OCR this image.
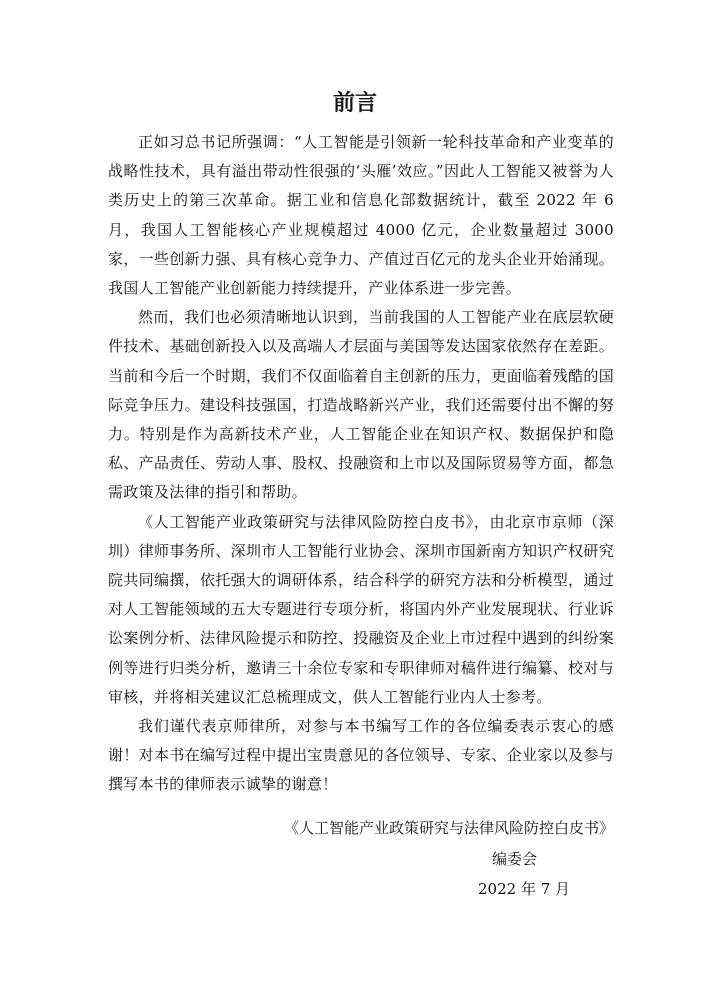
前言

正如习总书记所强调：“人工智能是引领新一轮科技革命和产业变革的战略性技术，具有溢出带动性很强的‘头雁’效应。”因此人工智能又被誉为人类历史上的第三次革命。据工业和信息化部数据统计，截至 2022 年 6 月，我国人工智能核心产业规模超过 4000 亿元，企业数量超过 3000 家，一些创新力强、具有核心竞争力、产值过百亿元的龙头企业开始涌现。我国人工智能产业创新能力持续提升，产业体系进一步完善。

然而，我们也必须清晰地认识到，当前我国的人工智能产业在底层软硬件技术、基础创新投入以及高端人才层面与美国等发达国家依然存在差距。当前和今后一个时期，我们不仅面临着自主创新的压力，更面临着残酷的国际竞争压力。建设科技强国，打造战略新兴产业，我们还需要付出不懈的努力。特别是作为高新技术产业，人工智能企业在知识产权、数据保护和隐私、产品责任、劳动人事、股权、投融资和上市以及国际贸易等方面，都急需政策及法律的指引和帮助。

《人工智能产业政策研究与法律风险防控白皮书》，由北京市京师（深圳）律师事务所、深圳市人工智能行业协会、深圳市国新南方知识产权研究院共同编撰，依托强大的调研体系，结合科学的研究方法和分析模型，通过对人工智能领域的五大专题进行专项分析，将国内外产业发展现状、行业诉讼案例分析、法律风险提示和防控、投融资及企业上市过程中遇到的纠纷案例等进行归类分析，邀请三十余位专家和专职律师对稿件进行编纂、校对与审核，并将相关建议汇总梳理成文，供人工智能行业内人士参考。

我们谨代表京师律所，对参与本书编写工作的各位编委表示衷心的感谢！对本书在编写过程中提出宝贵意见的各位领导、专家、企业家以及参与撰写本书的律师表示诚挚的谢意！

《人工智能产业政策研究与法律风险防控白皮书》
编委会
2022 年 7 月
